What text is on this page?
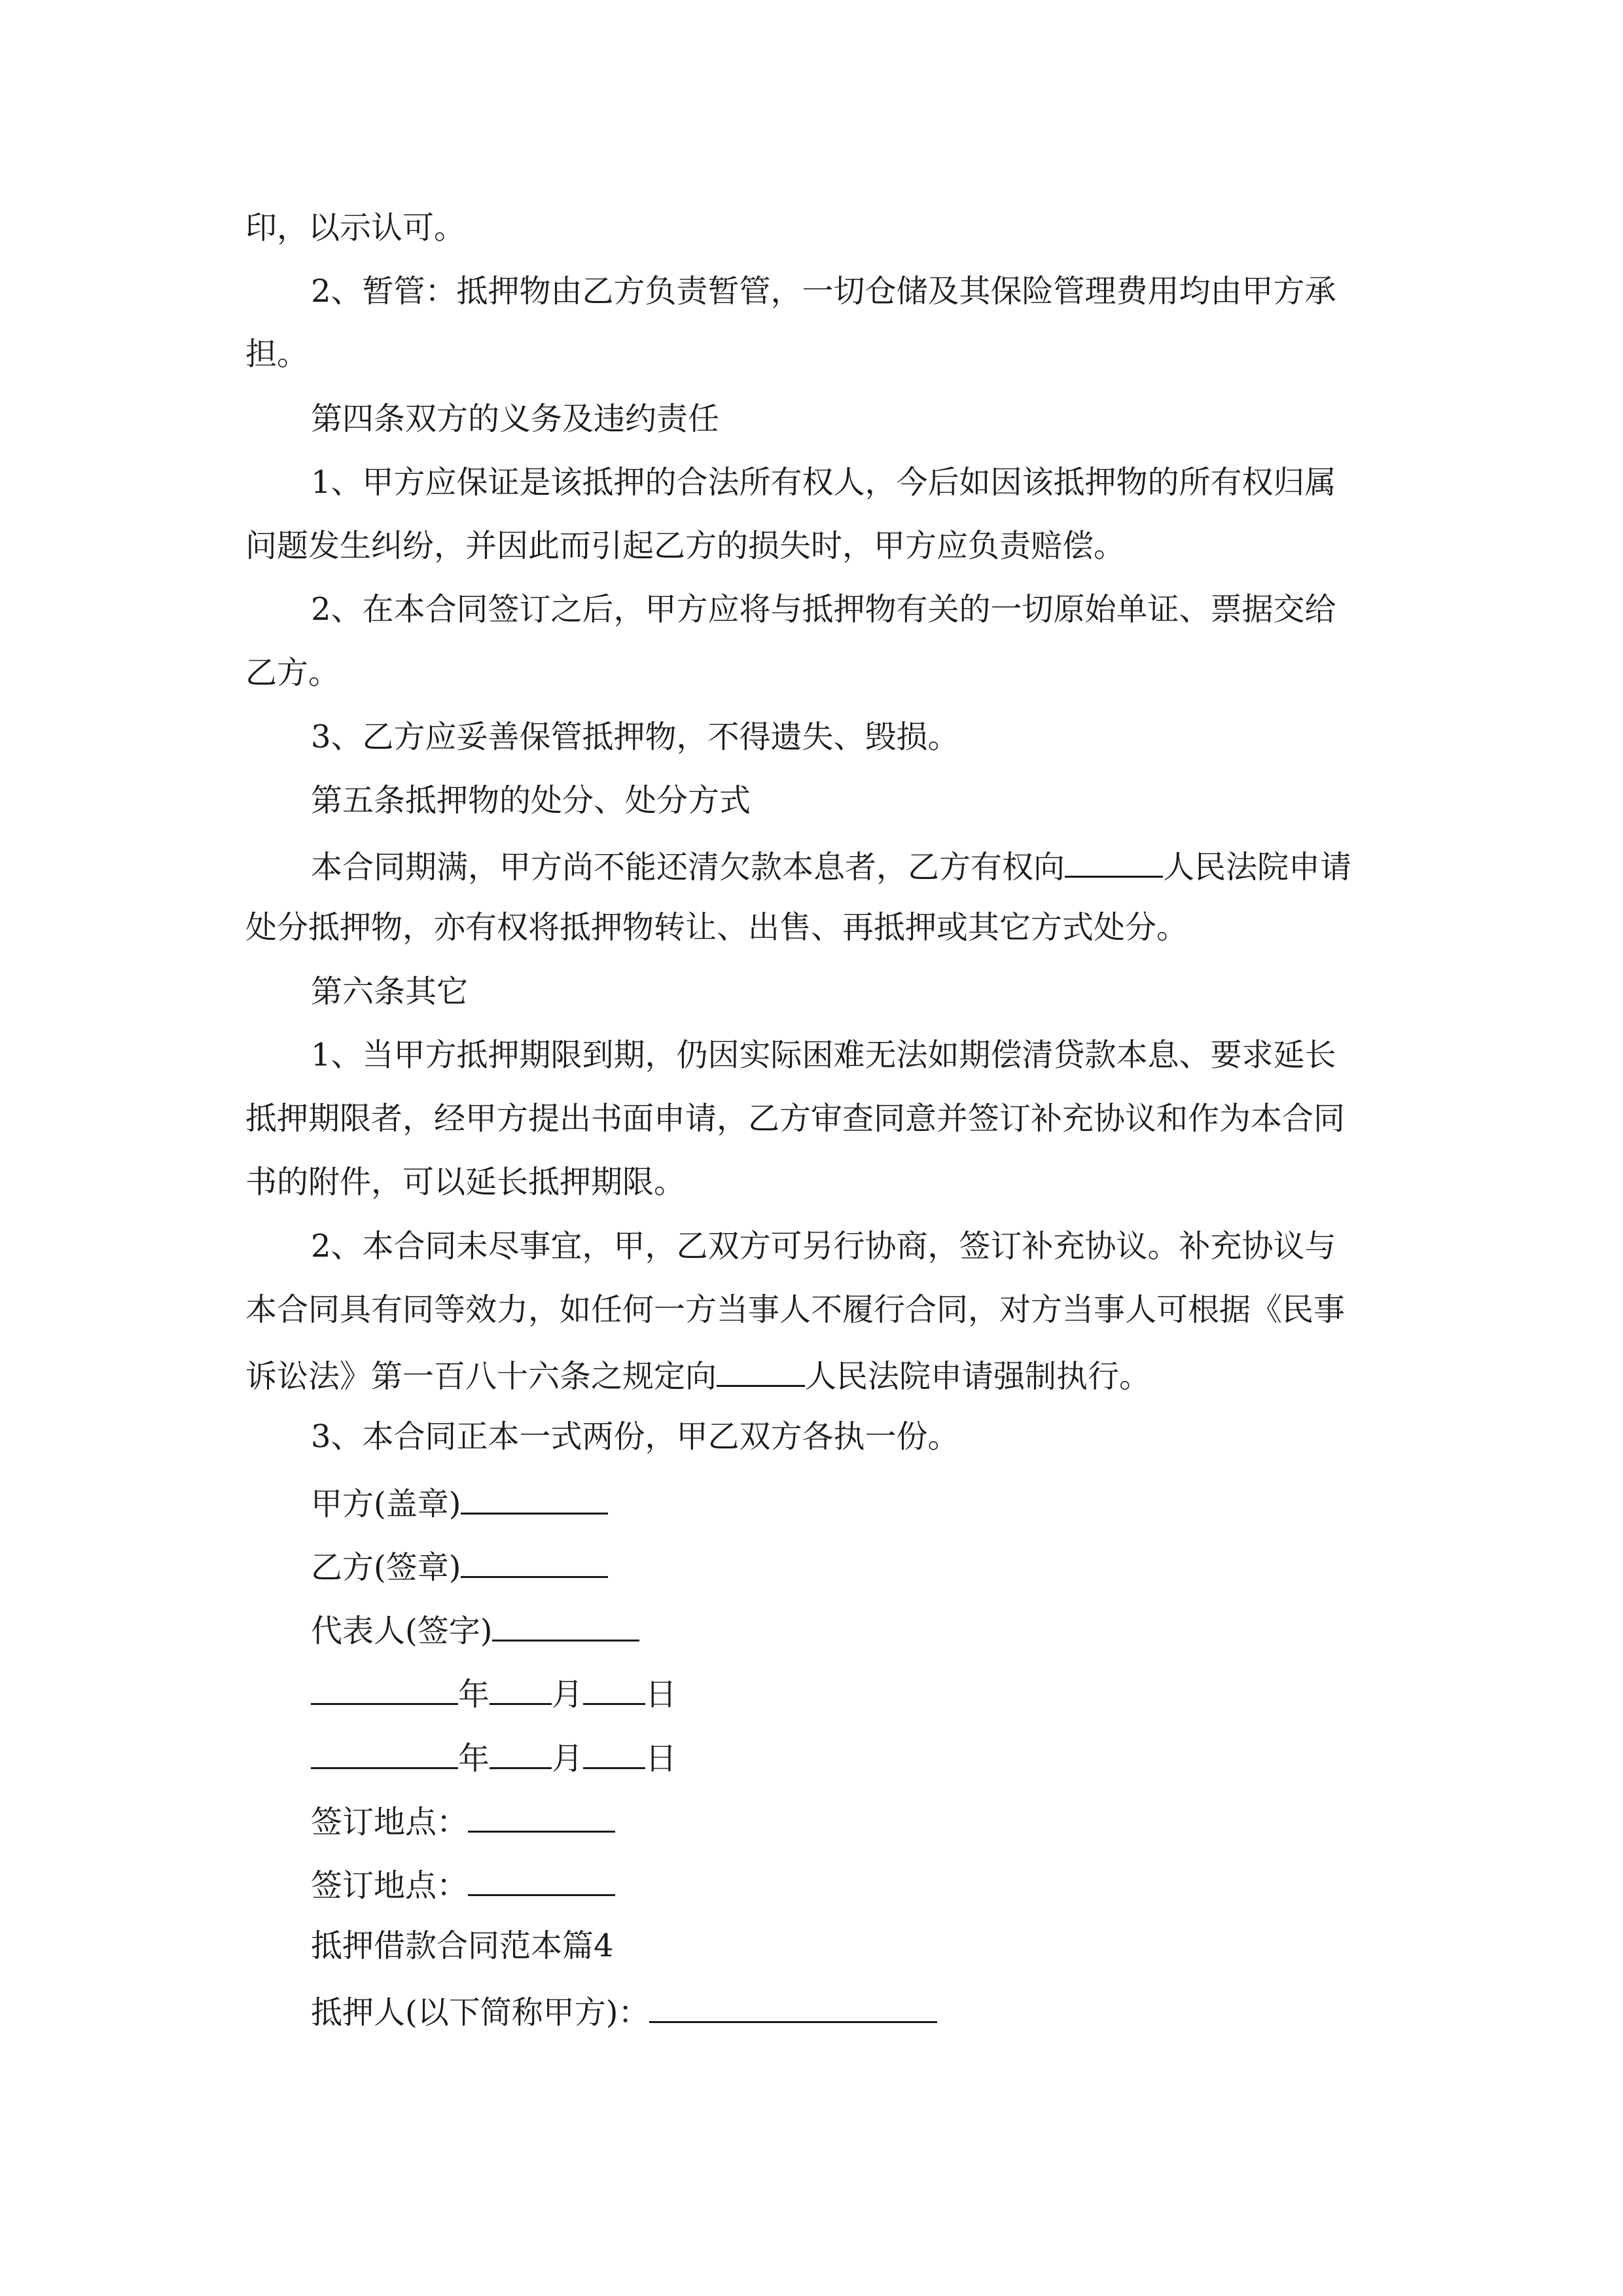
印，以示认可。
2、暂管：抵押物由乙方负责暂管，一切仓储及其保险管理费用均由甲方承
担。
第四条双方的义务及违约责任
1、甲方应保证是该抵押的合法所有权人，今后如因该抵押物的所有权归属
问题发生纠纷，并因此而引起乙方的损失时，甲方应负责赔偿。
2、在本合同签订之后，甲方应将与抵押物有关的一切原始单证、票据交给
乙方。
3、乙方应妥善保管抵押物，不得遗失、毁损。
第五条抵押物的处分、处分方式
本合同期满，甲方尚不能还清欠款本息者，乙方有权向	人民法院申请
处分抵押物，亦有权将抵押物转让、出售、再抵押或其它方式处分。
第六条其它
1、当甲方抵押期限到期，仍因实际困难无法如期偿清贷款本息、要求延长
抵押期限者，经甲方提出书面申请，乙方审查同意并签订补充协议和作为本合同
书的附件，可以延长抵押期限。
2、本合同未尽事宜，甲，乙双方可另行协商，签订补充协议。补充协议与
本合同具有同等效力，如任何一方当事人不履行合同，对方当事人可根据《民事
诉讼法》第一百八十六条之规定向	人民法院申请强制执行。
3、本合同正本一式两份，甲乙双方各执一份。
甲方(盖章)
乙方(签章)
代表人(签字)
年 月 日
年 月 日
签订地点：
签订地点：
抵押借款合同范本篇4
抵押人(以下简称甲方)：
